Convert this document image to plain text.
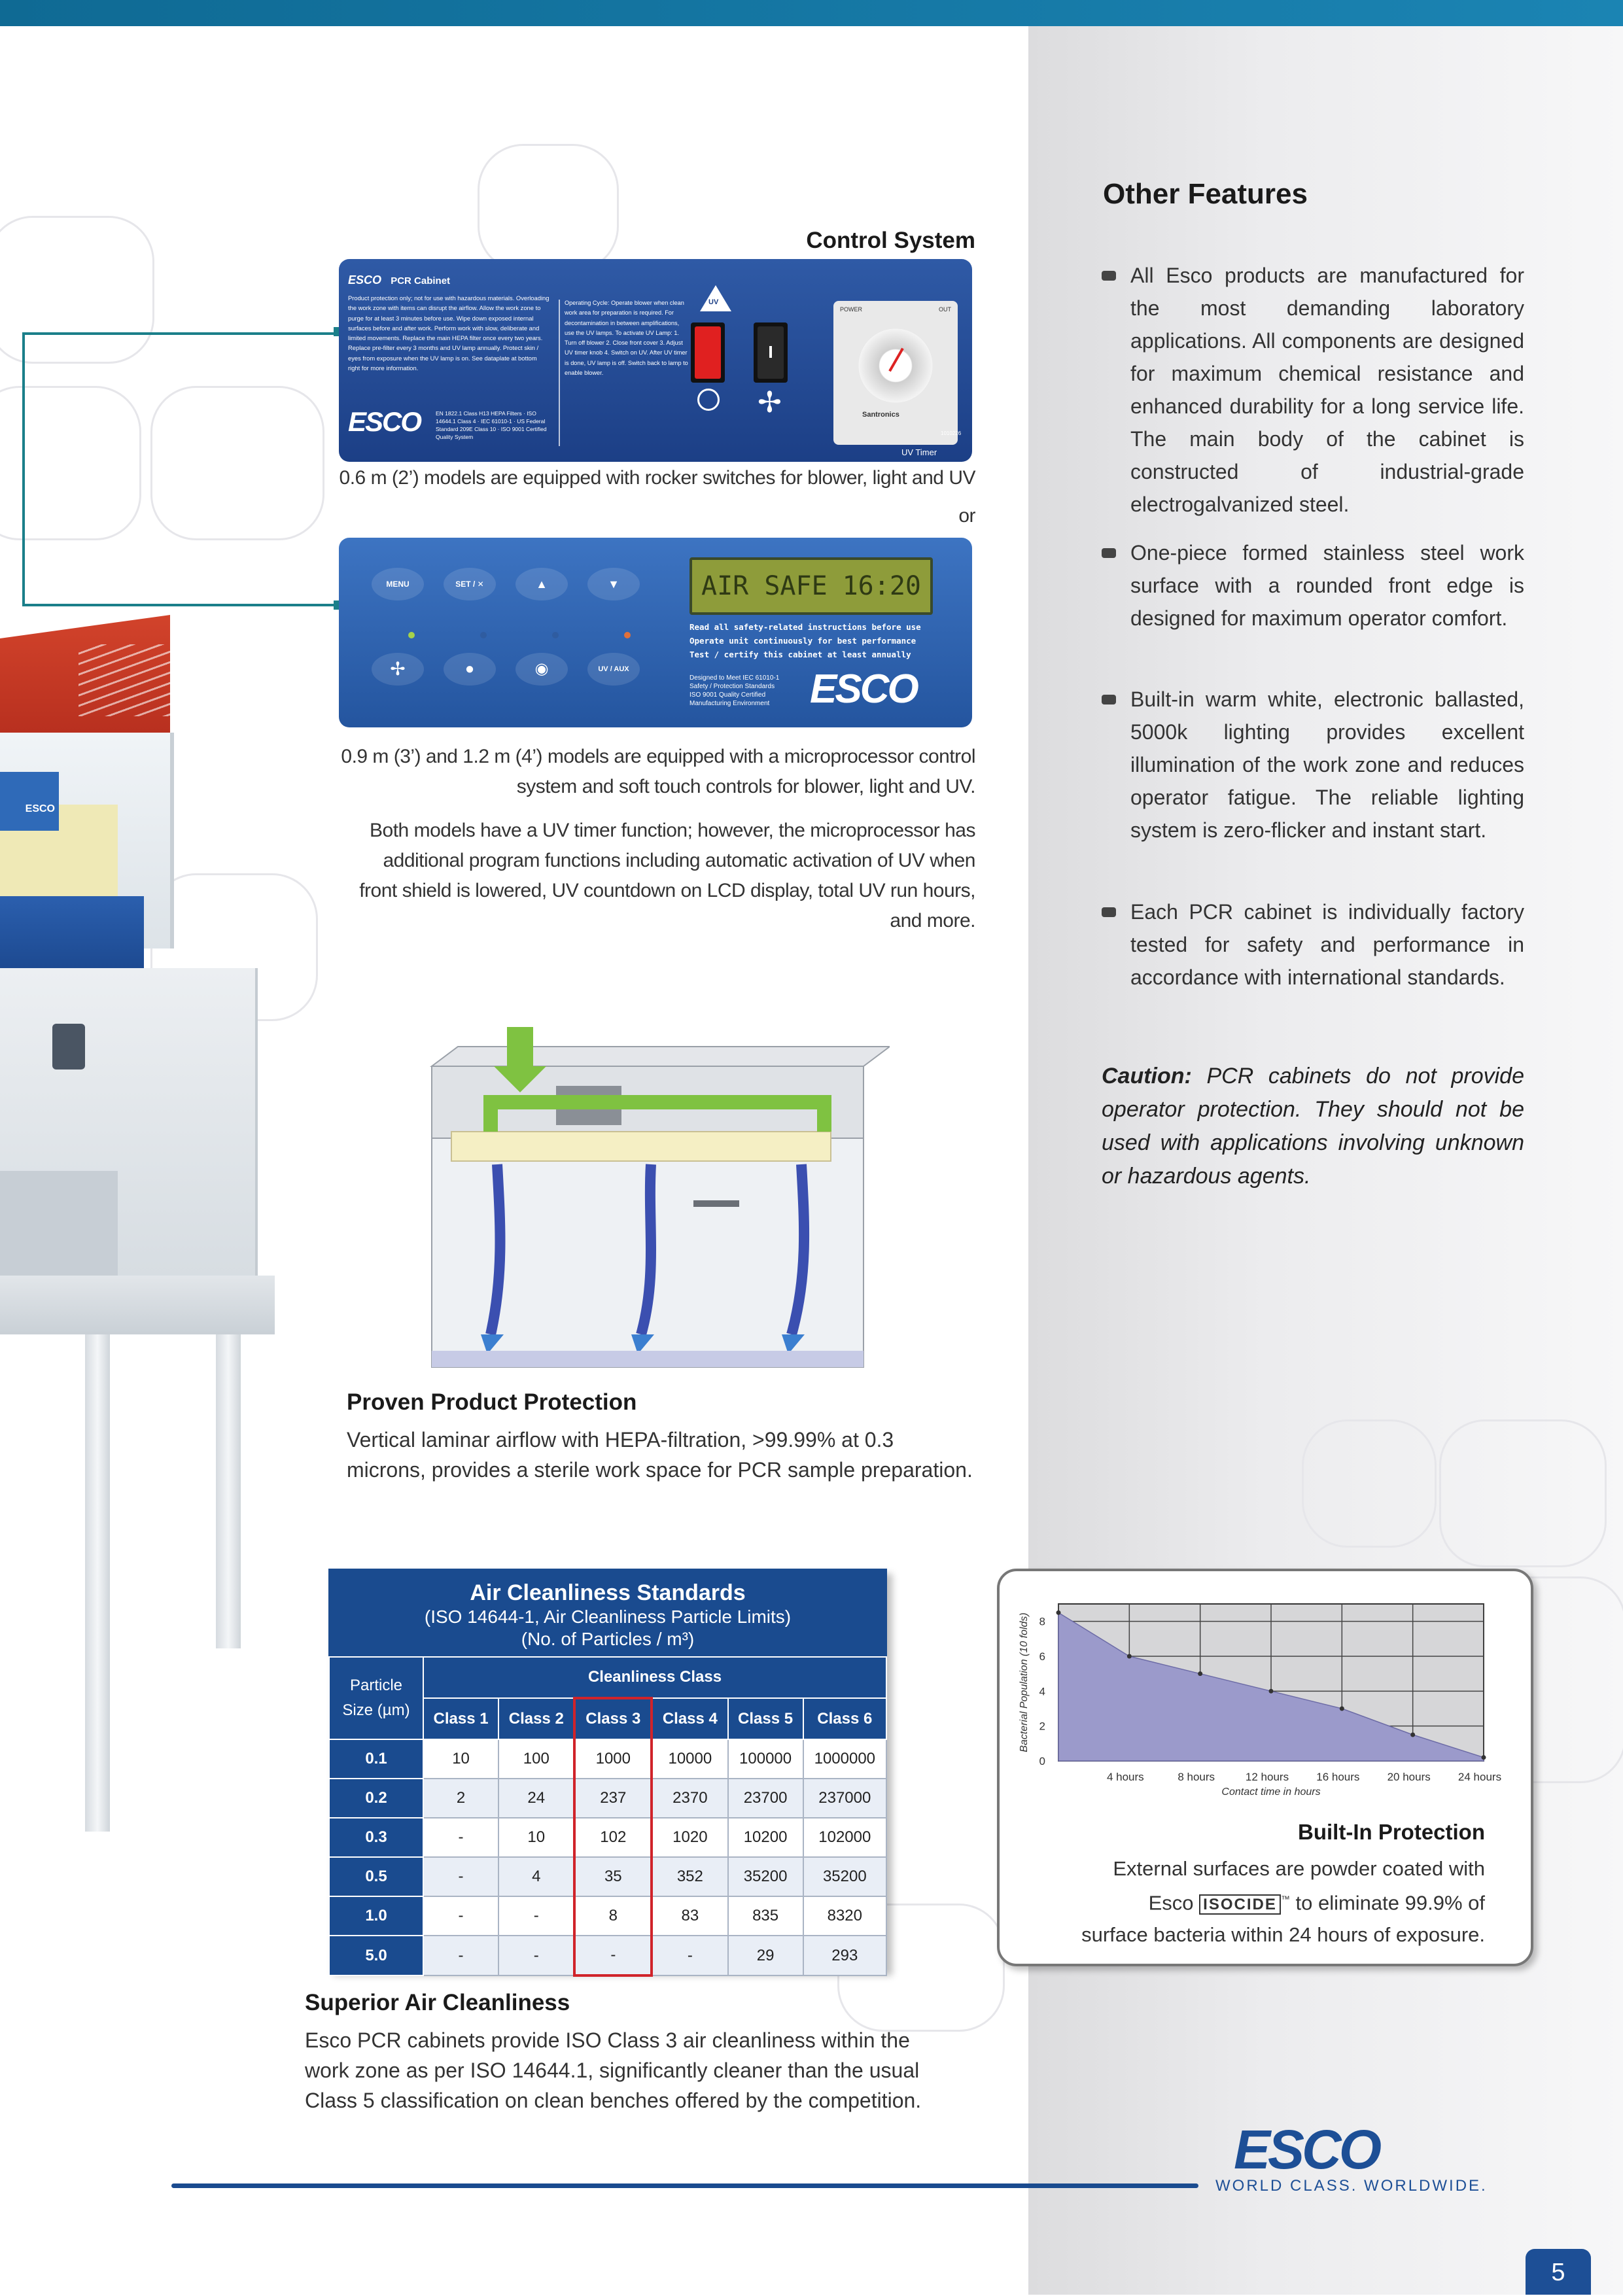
ESCO
Control System
ESCO PCR Cabinet
Product protection only; not for use with hazardous materials. Overloading the work zone with items can disrupt the airflow. Allow the work zone to purge for at least 3 minutes before use. Wipe down exposed internal surfaces before and after work. Perform work with slow, deliberate and limited movements. Replace the main HEPA filter once every two years. Replace pre-filter every 3 months and UV lamp annually. Protect skin / eyes from exposure when the UV lamp is on. See dataplate at bottom right for more information.
ESCO	EN 1822.1 Class H13 HEPA Filters · ISO 14644.1 Class 4 · IEC 61010-1 · US Federal Standard 209E Class 10 · ISO 9001 Certified Quality System
Operating Cycle: Operate blower when clean work area for preparation is required. For decontamination in between amplifications, use the UV lamps. To activate UV Lamp: 1. Turn off blower 2. Close front cover 3. Adjust UV timer knob 4. Switch on UV. After UV timer is done, UV lamp is off. Switch back to lamp to enable blower.
UV
✢
POWER	OUT
Santronics
UV Timer
1010226
0.6 m (2’) models are equipped with rocker switches for blower, light and UV
or
MENU	SET / ✕	▲	▼
✢	●	◉	UV / AUX
AIR SAFE 16:20
Read all safety-related instructions before use
Operate unit continuously for best performance
Test / certify this cabinet at least annually
Designed to Meet IEC 61010-1
Safety / Protection Standards
ISO 9001 Quality Certified
Manufacturing Environment ESCO
0.9 m (3’) and 1.2 m (4’) models are equipped with a microprocessor control
system and soft touch controls for blower, light and UV.
Both models have a UV timer function; however, the microprocessor has
additional program functions including automatic activation of UV when
front shield is lowered, UV countdown on LCD display, total UV run hours,
and more.
Proven Product Protection
Vertical laminar airflow with HEPA-filtration, >99.99% at 0.3
microns, provides a sterile work space for PCR sample preparation.
Air Cleanliness Standards
(ISO 14644-1, Air Cleanliness Particle Limits)
(No. of Particles / m³)
Particle
Size (µm)	Cleanliness Class					
	Class 1	Class 2	Class 3	Class 4	Class 5	Class 6
0.1	10	100	1000	10000	100000	1000000
0.2	2	24	237	2370	23700	237000
0.3	-	10	102	1020	10200	102000
0.5	-	4	35	352	35200	35200
1.0	-	-	8	83	835	8320
5.0	-	-	-	-	29	293
Superior Air Cleanliness
Esco PCR cabinets provide ISO Class 3 air cleanliness within the
work zone as per ISO 14644.1, significantly cleaner than the usual
Class 5 classification on clean benches offered by the competition.
0
2
4
6
8
4 hours	8 hours	12 hours 16 hours 20 hours 24 hours
Contact time in hours
Bacterial Population (10 folds)
Built-In Protection
External surfaces are powder coated with
Esco ISOCIDE ™ to eliminate 99.9% of
surface bacteria within 24 hours of exposure.
Other Features
All Esco products are manufactured for the most demanding laboratory applications. All components are designed for maximum chemical resistance and enhanced durability for a long service life. The main body of the cabinet is constructed of industrial-grade electrogalvanized steel.
One-piece formed stainless steel work surface with a rounded front edge is designed for maximum operator comfort.
Built-in warm white, electronic ballasted, 5000k lighting provides excellent illumination of the work zone and reduces operator fatigue. The reliable lighting system is zero-flicker and instant start.
Each PCR cabinet is individually factory tested for safety and performance in accordance with international standards.
Caution: PCR cabinets do not provide operator protection. They should not be used with applications involving unknown or hazardous agents.
ESCO
WORLD CLASS. WORLDWIDE.
5
